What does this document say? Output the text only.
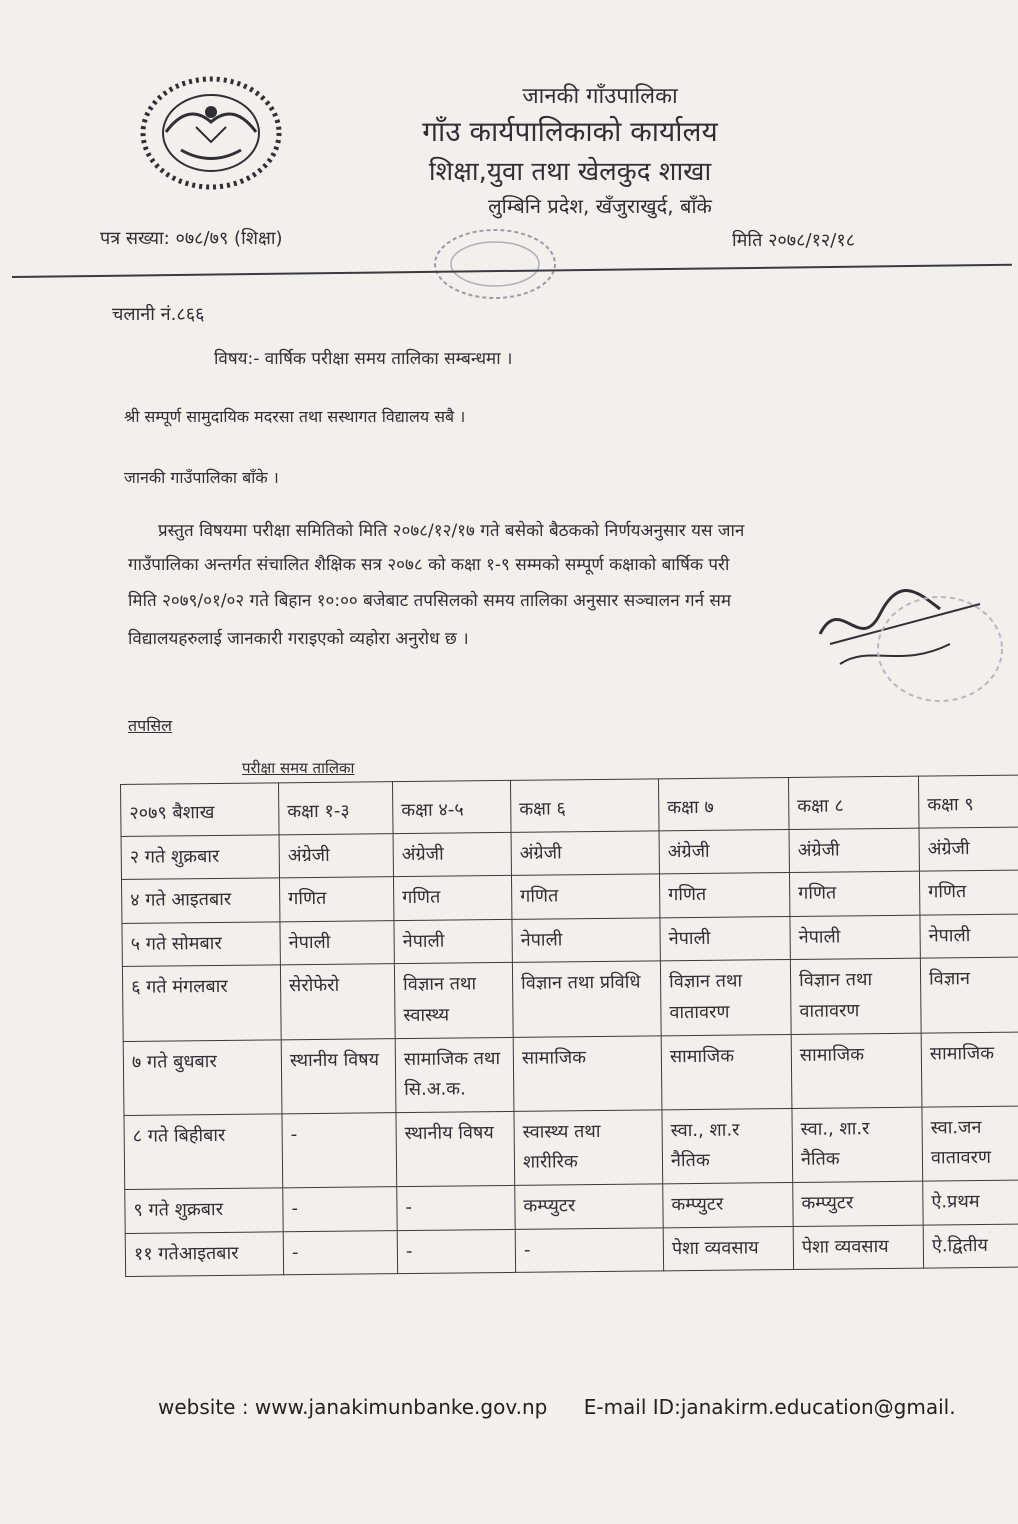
जानकी गाँउपालिका
गाँउ कार्यपालिकाको कार्यालय
शिक्षा,युवा तथा खेलकुद शाखा
लुम्बिनि प्रदेश, खँजुराखुर्द, बाँके
पत्र सख्या: ०७८/७९ (शिक्षा)	मिति २०७८/१२/१८
चलानी नं.८६६
विषय:- वार्षिक परीक्षा समय तालिका सम्बन्धमा ।
श्री सम्पूर्ण सामुदायिक मदरसा तथा सस्थागत विद्यालय सबै ।
जानकी गाउँपालिका बाँके ।
प्रस्तुत विषयमा परीक्षा समितिको मिति २०७८/१२/१७ गते बसेको बैठकको निर्णयअनुसार यस जान
गाउँपालिका अन्तर्गत संचालित शैक्षिक सत्र २०७८ को कक्षा १-९ सम्मको सम्पूर्ण कक्षाको बार्षिक परी
मिति २०७९/०१/०२ गते बिहान १०:०० बजेबाट तपसिलको समय तालिका अनुसार सञ्चालन गर्न सम
विद्यालयहरुलाई जानकारी गराइएको व्यहोरा अनुरोध छ ।
तपसिल
परीक्षा समय तालिका
२०७९ बैशाख	कक्षा १-३	कक्षा ४-५	कक्षा ६	कक्षा ७	कक्षा ८	कक्षा ९
२ गते शुक्रबार	अंग्रेजी	अंग्रेजी	अंग्रेजी	अंग्रेजी	अंग्रेजी	अंग्रेजी
४ गते आइतबार	गणित	गणित	गणित	गणित	गणित	गणित
५ गते सोमबार	नेपाली	नेपाली	नेपाली	नेपाली	नेपाली	नेपाली
६ गते मंगलबार	सेरोफेरो	विज्ञान तथा स्वास्थ्य	विज्ञान तथा प्रविधि	विज्ञान तथा वातावरण	विज्ञान तथा वातावरण	विज्ञान
७ गते बुधबार	स्थानीय विषय	सामाजिक तथा सि.अ.क.	सामाजिक	सामाजिक	सामाजिक	सामाजिक
८ गते बिहीबार	-	स्थानीय विषय	स्वास्थ्य तथा शारीरिक	स्वा., शा.र नैतिक	स्वा., शा.र नैतिक	स्वा.जन वातावरण
९ गते शुक्रबार	-	-	कम्प्युटर	कम्प्युटर	कम्प्युटर	ऐ.प्रथम
११ गतेआइतबार	-	-	-	पेशा व्यवसाय	पेशा व्यवसाय	ऐ.द्वितीय
website : www.janakimunbanke.gov.np E-mail ID:janakirm.education@gmail.
